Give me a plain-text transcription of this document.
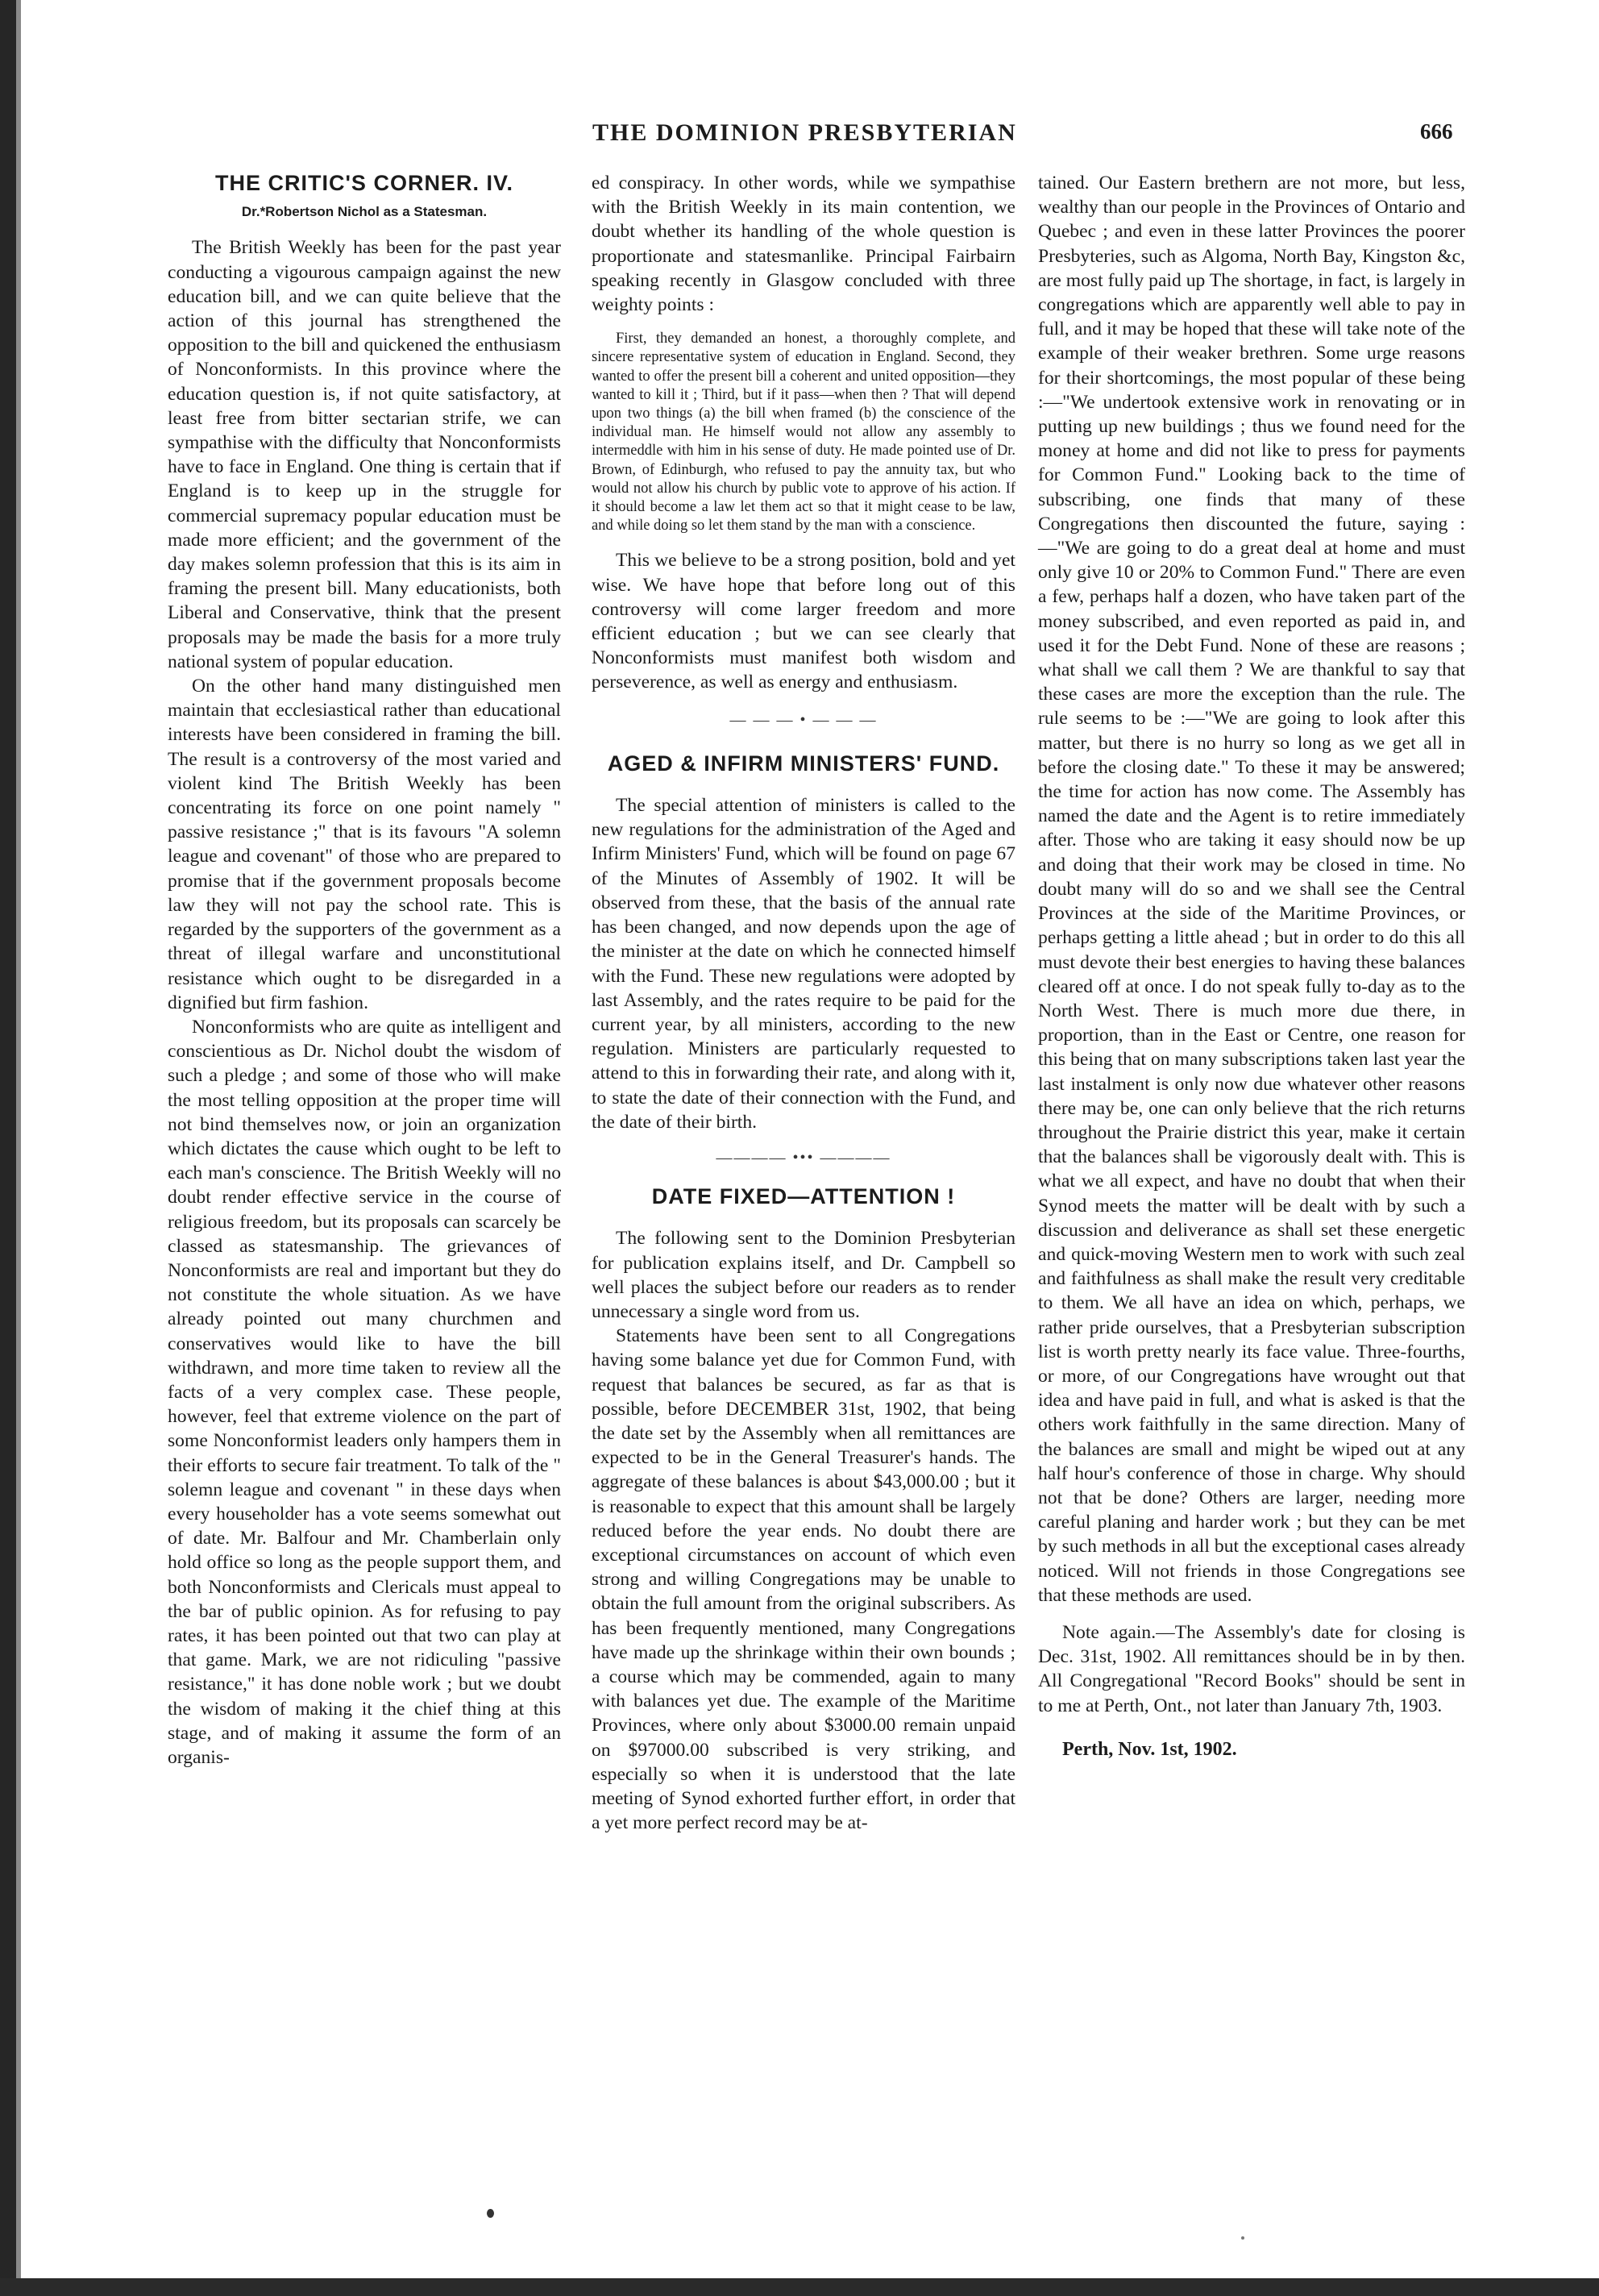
THE DOMINION PRESBYTERIAN	666
THE CRITIC'S CORNER. IV.
Dr.*Robertson Nichol as a Statesman.

The British Weekly has been for the past year conducting a vigourous campaign against the new education bill, and we can quite believe that the action of this journal has strengthened the opposition to the bill and quickened the enthusiasm of Nonconformists. In this province where the education question is, if not quite satisfactory, at least free from bitter sectarian strife, we can sympathise with the difficulty that Nonconformists have to face in England. One thing is certain that if England is to keep up in the struggle for commercial supremacy popular education must be made more efficient; and the government of the day makes solemn profession that this is its aim in framing the present bill. Many educationists, both Liberal and Conservative, think that the present proposals may be made the basis for a more truly national system of popular education.

On the other hand many distinguished men maintain that ecclesiastical rather than educational interests have been considered in framing the bill. The result is a controversy of the most varied and violent kind The British Weekly has been concentrating its force on one point namely " passive resistance ;" that is its favours "A solemn league and covenant" of those who are prepared to promise that if the government proposals become law they will not pay the school rate. This is regarded by the supporters of the government as a threat of illegal warfare and unconstitutional resistance which ought to be disregarded in a dignified but firm fashion.

Nonconformists who are quite as intelligent and conscientious as Dr. Nichol doubt the wisdom of such a pledge ; and some of those who will make the most telling opposition at the proper time will not bind themselves now, or join an organization which dictates the cause which ought to be left to each man's conscience. The British Weekly will no doubt render effective service in the course of religious freedom, but its proposals can scarcely be classed as statesmanship. The grievances of Nonconformists are real and important but they do not constitute the whole situation. As we have already pointed out many churchmen and conservatives would like to have the bill withdrawn, and more time taken to review all the facts of a very complex case. These people, however, feel that extreme violence on the part of some Nonconformist leaders only hampers them in their efforts to secure fair treatment. To talk of the " solemn league and covenant " in these days when every householder has a vote seems somewhat out of date. Mr. Balfour and Mr. Chamberlain only hold office so long as the people support them, and both Nonconformists and Clericals must appeal to the bar of public opinion. As for refusing to pay rates, it has been pointed out that two can play at that game. Mark, we are not ridiculing "passive resistance," it has done noble work ; but we doubt the wisdom of making it the chief thing at this stage, and of making it assume the form of an organis-

ed conspiracy. In other words, while we sympathise with the British Weekly in its main contention, we doubt whether its handling of the whole question is proportionate and statesmanlike. Principal Fairbairn speaking recently in Glasgow concluded with three weighty points :

First, they demanded an honest, a thoroughly complete, and sincere representative system of education in England. Second, they wanted to offer the present bill a coherent and united opposition—they wanted to kill it ; Third, but if it pass—when then ? That will depend upon two things (a) the bill when framed (b) the conscience of the individual man. He himself would not allow any assembly to intermeddle with him in his sense of duty. He made pointed use of Dr. Brown, of Edinburgh, who refused to pay the annuity tax, but who would not allow his church by public vote to approve of his action. If it should become a law let them act so that it might cease to be law, and while doing so let them stand by the man with a conscience.

This we believe to be a strong position, bold and yet wise. We have hope that before long out of this controversy will come larger freedom and more efficient education ; but we can see clearly that Nonconformists must manifest both wisdom and perseverence, as well as energy and enthusiasm.

— — — • — — —
AGED & INFIRM MINISTERS' FUND.

The special attention of ministers is called to the new regulations for the administration of the Aged and Infirm Ministers' Fund, which will be found on page 67 of the Minutes of Assembly of 1902. It will be observed from these, that the basis of the annual rate has been changed, and now depends upon the age of the minister at the date on which he connected himself with the Fund. These new regulations were adopted by last Assembly, and the rates require to be paid for the current year, by all ministers, according to the new regulation. Ministers are particularly requested to attend to this in forwarding their rate, and along with it, to state the date of their connection with the Fund, and the date of their birth.

———— ••• ————
DATE FIXED—ATTENTION !

The following sent to the Dominion Presbyterian for publication explains itself, and Dr. Campbell so well places the subject before our readers as to render unnecessary a single word from us.

Statements have been sent to all Congregations having some balance yet due for Common Fund, with request that balances be secured, as far as that is possible, before DECEMBER 31st, 1902, that being the date set by the Assembly when all remittances are expected to be in the General Treasurer's hands. The aggregate of these balances is about $43,000.00 ; but it is reasonable to expect that this amount shall be largely reduced before the year ends. No doubt there are exceptional circumstances on account of which even strong and willing Congregations may be unable to obtain the full amount from the original subscribers. As has been frequently mentioned, many Congregations have made up the shrinkage within their own bounds ; a course which may be commended, again to many with balances yet due. The example of the Maritime Provinces, where only about $3000.00 remain unpaid on $97000.00 subscribed is very striking, and especially so when it is understood that the late meeting of Synod exhorted further effort, in order that a yet more perfect record may be at-

tained. Our Eastern brethern are not more, but less, wealthy than our people in the Provinces of Ontario and Quebec ; and even in these latter Provinces the poorer Presbyteries, such as Algoma, North Bay, Kingston &c, are most fully paid up The shortage, in fact, is largely in congregations which are apparently well able to pay in full, and it may be hoped that these will take note of the example of their weaker brethren. Some urge reasons for their shortcomings, the most popular of these being :—"We undertook extensive work in renovating or in putting up new buildings ; thus we found need for the money at home and did not like to press for payments for Common Fund." Looking back to the time of subscribing, one finds that many of these Congregations then discounted the future, saying :—"We are going to do a great deal at home and must only give 10 or 20% to Common Fund." There are even a few, perhaps half a dozen, who have taken part of the money subscribed, and even reported as paid in, and used it for the Debt Fund. None of these are reasons ; what shall we call them ? We are thankful to say that these cases are more the exception than the rule. The rule seems to be :—"We are going to look after this matter, but there is no hurry so long as we get all in before the closing date." To these it may be answered; the time for action has now come. The Assembly has named the date and the Agent is to retire immediately after. Those who are taking it easy should now be up and doing that their work may be closed in time. No doubt many will do so and we shall see the Central Provinces at the side of the Maritime Provinces, or perhaps getting a little ahead ; but in order to do this all must devote their best energies to having these balances cleared off at once. I do not speak fully to-day as to the North West. There is much more due there, in proportion, than in the East or Centre, one reason for this being that on many subscriptions taken last year the last instalment is only now due whatever other reasons there may be, one can only believe that the rich returns throughout the Prairie district this year, make it certain that the balances shall be vigorously dealt with. This is what we all expect, and have no doubt that when their Synod meets the matter will be dealt with by such a discussion and deliverance as shall set these energetic and quick-moving Western men to work with such zeal and faithfulness as shall make the result very creditable to them. We all have an idea on which, perhaps, we rather pride ourselves, that a Presbyterian subscription list is worth pretty nearly its face value. Three-fourths, or more, of our Congregations have wrought out that idea and have paid in full, and what is asked is that the others work faithfully in the same direction. Many of the balances are small and might be wiped out at any half hour's conference of those in charge. Why should not that be done? Others are larger, needing more careful planing and harder work ; but they can be met by such methods in all but the exceptional cases already noticed. Will not friends in those Congregations see that these methods are used.

Note again.—The Assembly's date for closing is Dec. 31st, 1902. All remittances should be in by then. All Congregational "Record Books" should be sent in to me at Perth, Ont., not later than January 7th, 1903.

Perth, Nov. 1st, 1902.
